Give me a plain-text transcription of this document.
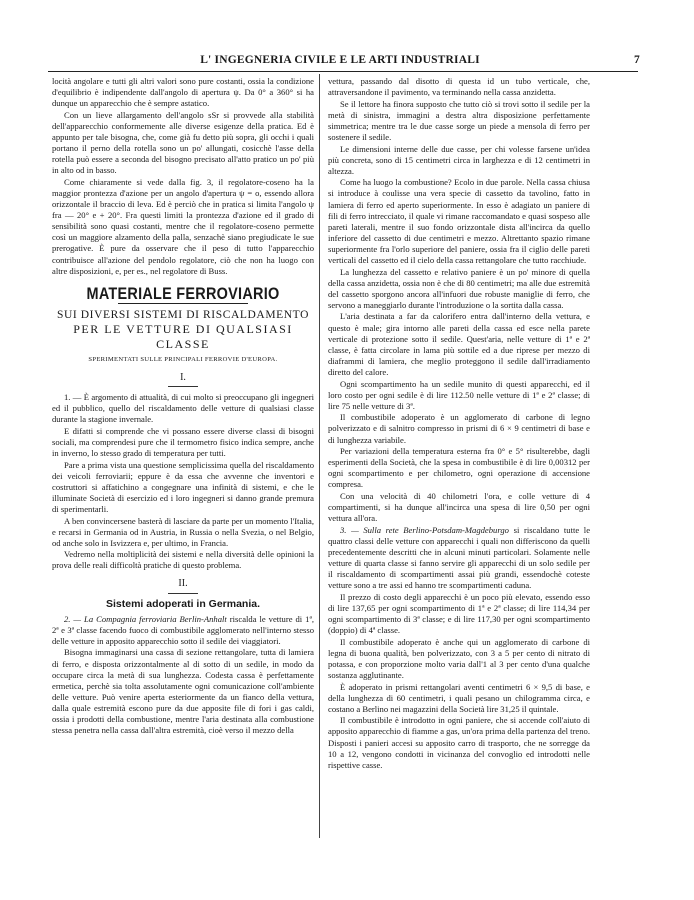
L' INGEGNERIA CIVILE E LE ARTI INDUSTRIALI	7

locità angolare e tutti gli altri valori sono pure costanti, ossia la condizione d'equilibrio è indipendente dall'angolo di apertura ψ. Da 0° a 360° si ha dunque un apparecchio che è sempre astatico.

Con un lieve allargamento dell'angolo sSr si provvede alla stabilità dell'apparecchio conformemente alle diverse esigenze della pratica. Ed è appunto per tale bisogna, che, come già fu detto più sopra, gli occhi i quali portano il perno della rotella sono un po' allungati, cosicchè l'asse della rotella può essere a seconda del bisogno precisato all'atto pratico un po' più in alto od in basso.

Come chiaramente si vede dalla fig. 3, il regolatore-coseno ha la maggior prontezza d'azione per un angolo d'apertura ψ = o, essendo allora orizzontale il braccio di leva. Ed è perciò che in pratica si limita l'angolo ψ fra — 20° e + 20°. Fra questi limiti la prontezza d'azione ed il grado di sensibilità sono quasi costanti, mentre che il regolatore-coseno permette così un maggiore alzamento della palla, senzachè siano pregiudicate le sue prerogative. È pure da osservare che il peso di tutto l'apparecchio contribuisce all'azione del pendolo regolatore, ciò che non ha luogo con altre disposizioni, e, per es., nel regolatore di Buss.

MATERIALE FERROVIARIO
SUI DIVERSI SISTEMI DI RISCALDAMENTO
PER LE VETTURE DI QUALSIASI CLASSE
SPERIMENTATI SULLE PRINCIPALI FERROVIE D'EUROPA.
I.

1. — È argomento di attualità, di cui molto si preoccupano gli ingegneri ed il pubblico, quello del riscaldamento delle vetture di qualsiasi classe durante la stagione invernale.

E difatti si comprende che vi possano essere diverse classi di bisogni sociali, ma comprendesi pure che il termometro fisico indica sempre, anche in inverno, lo stesso grado di temperatura per tutti.

Pare a prima vista una questione semplicissima quella del riscaldamento dei veicoli ferroviarii; eppure è da essa che avvenne che inventori e costruttori si affatichino a congegnare una infinità di sistemi, e che le illuminate Società di esercizio ed i loro ingegneri si danno grande premura di sperimentarli.

A ben convincersene basterà di lasciare da parte per un momento l'Italia, e recarsi in Germania od in Austria, in Russia o nella Svezia, o nel Belgio, od anche solo in Isvizzera e, per ultimo, in Francia.

Vedremo nella moltiplicità dei sistemi e nella diversità delle opinioni la prova delle reali difficoltà pratiche di questo problema.

II.
Sistemi adoperati in Germania.

2. — La Compagnia ferroviaria Berlin-Anhalt riscalda le vetture di 1ª, 2ª e 3ª classe facendo fuoco di combustibile agglomerato nell'interno stesso delle vetture in apposito apparecchio sotto il sedile dei viaggiatori.

Bisogna immaginarsi una cassa di sezione rettangolare, tutta di lamiera di ferro, e disposta orizzontalmente al di sotto di un sedile, in modo da occupare circa la metà di sua lunghezza. Codesta cassa è perfettamente ermetica, perchè sia tolta assolutamente ogni comunicazione coll'ambiente delle vetture. Può venire aperta esteriormente da un fianco della vettura, dalla quale estremità escono pure da due apposite file di fori i gas caldi, ossia i prodotti della combustione, mentre l'aria destinata alla combustione stessa penetra nella cassa dall'altra estremità, cioè verso il mezzo della

vettura, passando dal disotto di questa id un tubo verticale, che, attraversandone il pavimento, va terminando nella cassa anzidetta.

Se il lettore ha finora supposto che tutto ciò si trovi sotto il sedile per la metà di sinistra, immagini a destra altra disposizione perfettamente simmetrica; mentre tra le due casse sorge un piede a mensola di ferro per sostenere il sedile.

Le dimensioni interne delle due casse, per chi volesse farsene un'idea più concreta, sono di 15 centimetri circa in larghezza e di 12 centimetri in altezza.

Come ha luogo la combustione? Ecolo in due parole. Nella cassa chiusa si introduce à coulisse una vera specie di cassetto da tavolino, fatto in lamiera di ferro ed aperto superiormente. In esso è adagiato un paniere di fili di ferro intrecciato, il quale vi rimane raccomandato e quasi sospeso alle pareti laterali, mentre il suo fondo orizzontale dista all'incirca da quello inferiore del cassetto di due centimetri e mezzo. Altrettanto spazio rimane superiormente fra l'orlo superiore del paniere, ossia fra il ciglio delle pareti verticali del cassetto ed il cielo della cassa rettangolare che tutto racchiude.

La lunghezza del cassetto e relativo paniere è un po' minore di quella della cassa anzidetta, ossia non è che di 80 centimetri; ma alle due estremità del cassetto sporgono ancora all'infuori due robuste maniglie di ferro, che servono a maneggiarlo durante l'introduzione o la sortita dalla cassa.

L'aria destinata a far da calorifero entra dall'interno della vettura, e questo è male; gira intorno alle pareti della cassa ed esce nella parete verticale di protezione sotto il sedile. Quest'aria, nelle vetture di 1ª e 2ª classe, è fatta circolare in lama più sottile ed a due riprese per mezzo di diaframmi di lamiera, che meglio proteggono il sedile dall'irradiamento diretto del calore.

Ogni scompartimento ha un sedile munito di questi apparecchi, ed il loro costo per ogni sedile è di lire 112.50 nelle vetture di 1ª e 2ª classe; di lire 75 nelle vetture di 3ª.

Il combustibile adoperato è un agglomerato di carbone di legno polverizzato e di salnitro compresso in prismi di 6 × 9 centimetri di base e di lunghezza variabile.

Per variazioni della temperatura esterna fra 0° e 5° risulterebbe, dagli esperimenti della Società, che la spesa in combustibile è di lire 0,00312 per ogni scompartimento e per chilometro, ogni operazione di accensione compresa.

Con una velocità di 40 chilometri l'ora, e colle vetture di 4 compartimenti, si ha dunque all'incirca una spesa di lire 0,50 per ogni vettura all'ora.

3. — Sulla rete Berlino-Potsdam-Magdeburgo si riscaldano tutte le quattro classi delle vetture con apparecchi i quali non differiscono da quelli precedentemente descritti che in alcuni minuti particolari. Solamente nelle vetture di quarta classe si fanno servire gli apparecchi di un solo sedile per il riscaldamento di scompartimenti assai più grandi, essendochè coteste vetture sono a tre assi ed hanno tre scompartimenti caduna.

Il prezzo di costo degli apparecchi è un poco più elevato, essendo esso di lire 137,65 per ogni scompartimento di 1ª e 2ª classe; di lire 114,34 per ogni scompartimento di 3ª classe; e di lire 117,30 per ogni scompartimento (doppio) di 4ª classe.

Il combustibile adoperato è anche qui un agglomerato di carbone di legna di buona qualità, ben polverizzato, con 3 a 5 per cento di nitrato di potassa, e con proporzione molto varia dall'1 al 3 per cento d'una qualche sostanza agglutinante.

È adoperato in prismi rettangolari aventi centimetri 6 × 9,5 di base, e della lunghezza di 60 centimetri, i quali pesano un chilogramma circa, e costano a Berlino nei magazzini della Società lire 31,25 il quintale.

Il combustibile è introdotto in ogni paniere, che si accende coll'aiuto di apposito apparecchio di fiamme a gas, un'ora prima della partenza del treno. Disposti i panieri accesi su apposito carro di trasporto, che ne sorregge da 10 a 12, vengono condotti in vicinanza del convoglio ed introdotti nelle rispettive casse.
